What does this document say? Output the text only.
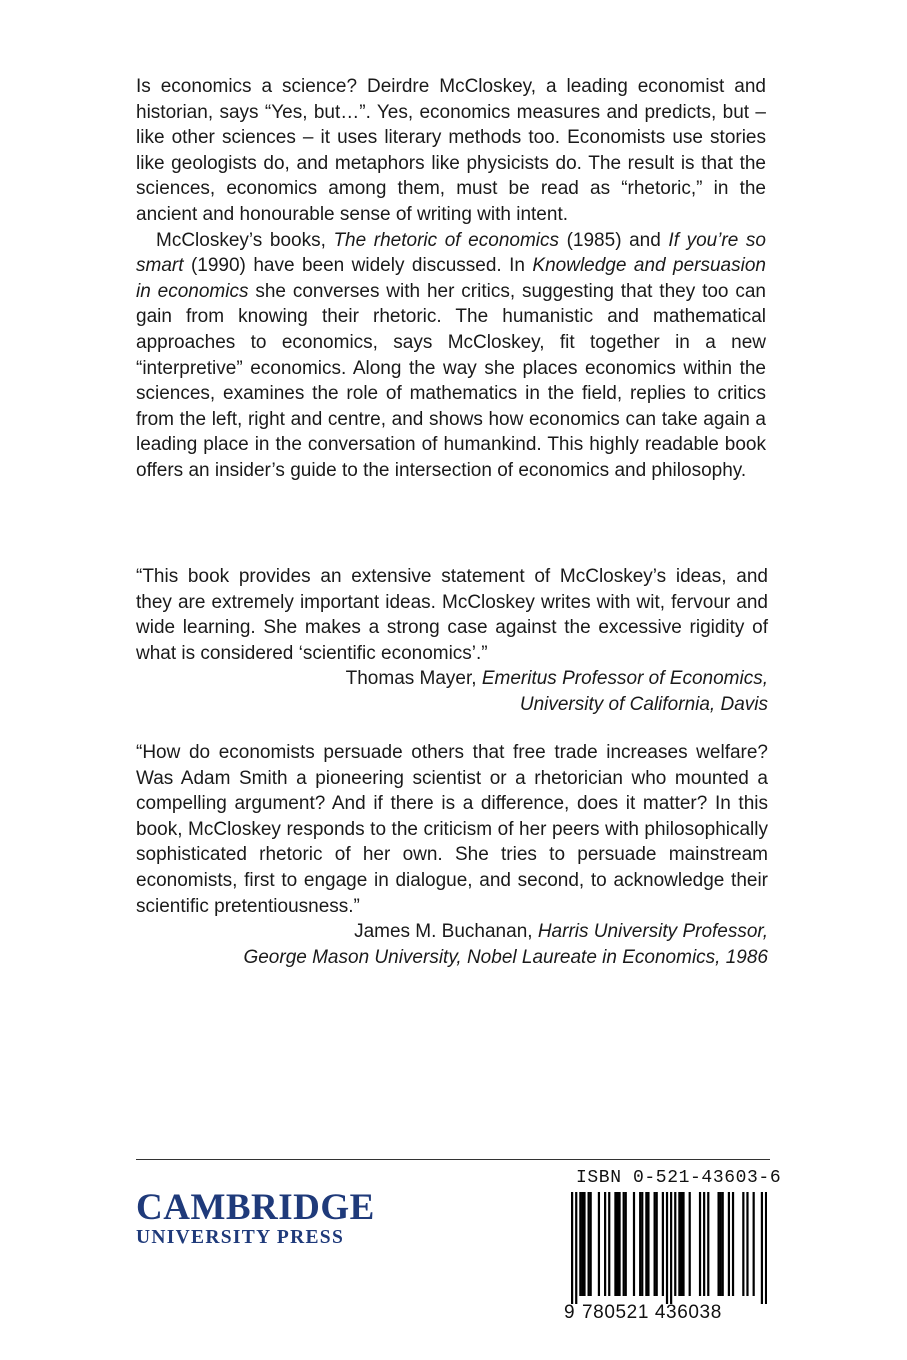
Is economics a science? Deirdre McCloskey, a leading economist and historian, says “Yes, but…”. Yes, economics measures and predicts, but – like other sciences – it uses literary methods too. Economists use stories like geologists do, and metaphors like physicists do. The result is that the sciences, economics among them, must be read as “rhetoric,” in the ancient and honourable sense of writing with intent.

McCloskey’s books, The rhetoric of economics (1985) and If you’re so smart (1990) have been widely discussed. In Knowledge and persuasion in economics she converses with her critics, suggesting that they too can gain from knowing their rhetoric. The humanistic and mathematical approaches to economics, says McCloskey, fit together in a new “interpretive” economics. Along the way she places economics within the sciences, examines the role of mathematics in the field, replies to critics from the left, right and centre, and shows how economics can take again a leading place in the conversation of humankind. This highly readable book offers an insider’s guide to the intersection of economics and philosophy.

“This book provides an extensive statement of McCloskey’s ideas, and they are extremely important ideas. McCloskey writes with wit, fervour and wide learning. She makes a strong case against the excessive rigidity of what is considered ‘scientific economics’.”

Thomas Mayer, Emeritus Professor of Economics,
University of California, Davis

“How do economists persuade others that free trade increases welfare? Was Adam Smith a pioneering scientist or a rhetorician who mounted a compelling argument? And if there is a difference, does it matter? In this book, McCloskey responds to the criticism of her peers with philosophically sophisticated rhetoric of her own. She tries to persuade mainstream economists, first to engage in dialogue, and second, to acknowledge their scientific pretentiousness.”

James M. Buchanan, Harris University Professor,
George Mason University, Nobel Laureate in Economics, 1986

CAMBRIDGE
UNIVERSITY PRESS
ISBN 0-521-43603-6
9 780521 436038
